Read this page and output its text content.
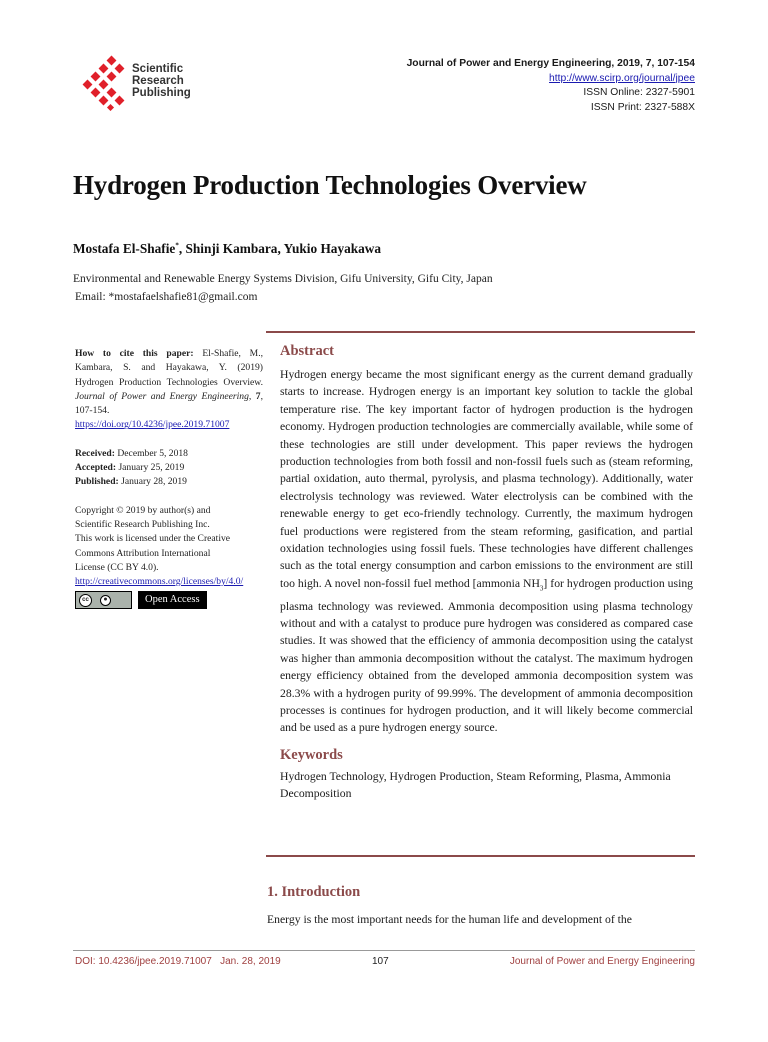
Scientific
Research
Publishing
Journal of Power and Energy Engineering, 2019, 7, 107-154
http://www.scirp.org/journal/jpee
ISSN Online: 2327-5901
ISSN Print: 2327-588X
Hydrogen Production Technologies Overview
Mostafa El-Shafie*, Shinji Kambara, Yukio Hayakawa
Environmental and Renewable Energy Systems Division, Gifu University, Gifu City, Japan
Email: *mostafaelshafie81@gmail.com
How to cite this paper: El-Shafie, M., Kambara, S. and Hayakawa, Y. (2019) Hydrogen Production Technologies Overview. Journal of Power and Energy Engineering, 7, 107-154.
https://doi.org/10.4236/jpee.2019.71007
Received: December 5, 2018
Accepted: January 25, 2019
Published: January 28, 2019
Copyright © 2019 by author(s) and
Scientific Research Publishing Inc.
This work is licensed under the Creative
Commons Attribution International
License (CC BY 4.0).
http://creativecommons.org/licenses/by/4.0/
cc	●	Open Access
Abstract

Hydrogen energy became the most significant energy as the current demand gradually starts to increase. Hydrogen energy is an important key solution to tackle the global temperature rise. The key important factor of hydrogen production is the hydrogen economy. Hydrogen production technologies are commercially available, while some of these technologies are still under development. This paper reviews the hydrogen production technologies from both fossil and non-fossil fuels such as (steam reforming, partial oxidation, auto thermal, pyrolysis, and plasma technology). Additionally, water electrolysis technology was reviewed. Water electrolysis can be combined with the renewable energy to get eco-friendly technology. Currently, the maximum hydrogen fuel productions were registered from the steam reforming, gasification, and partial oxidation technologies using fossil fuels. These technologies have different challenges such as the total energy consumption and carbon emissions to the environment are still too high. A novel non-fossil fuel method [ammonia $NH_3$] for hydrogen production using plasma technology was reviewed. Ammonia decomposition using plasma technology without and with a catalyst to produce pure hydrogen was considered as compared case studies. It was showed that the efficiency of ammonia decomposition using the catalyst was higher than ammonia decomposition without the catalyst. The maximum hydrogen energy efficiency obtained from the developed ammonia decomposition system was 28.3% with a hydrogen purity of 99.99%. The development of ammonia decomposition processes is continues for hydrogen production, and it will likely become commercial and be used as a pure hydrogen energy source.

Keywords

Hydrogen Technology, Hydrogen Production, Steam Reforming, Plasma, Ammonia Decomposition

1. Introduction

Energy is the most important needs for the human life and development of the

DOI: 10.4236/jpee.2019.71007 Jan. 28, 2019	107	Journal of Power and Energy Engineering
